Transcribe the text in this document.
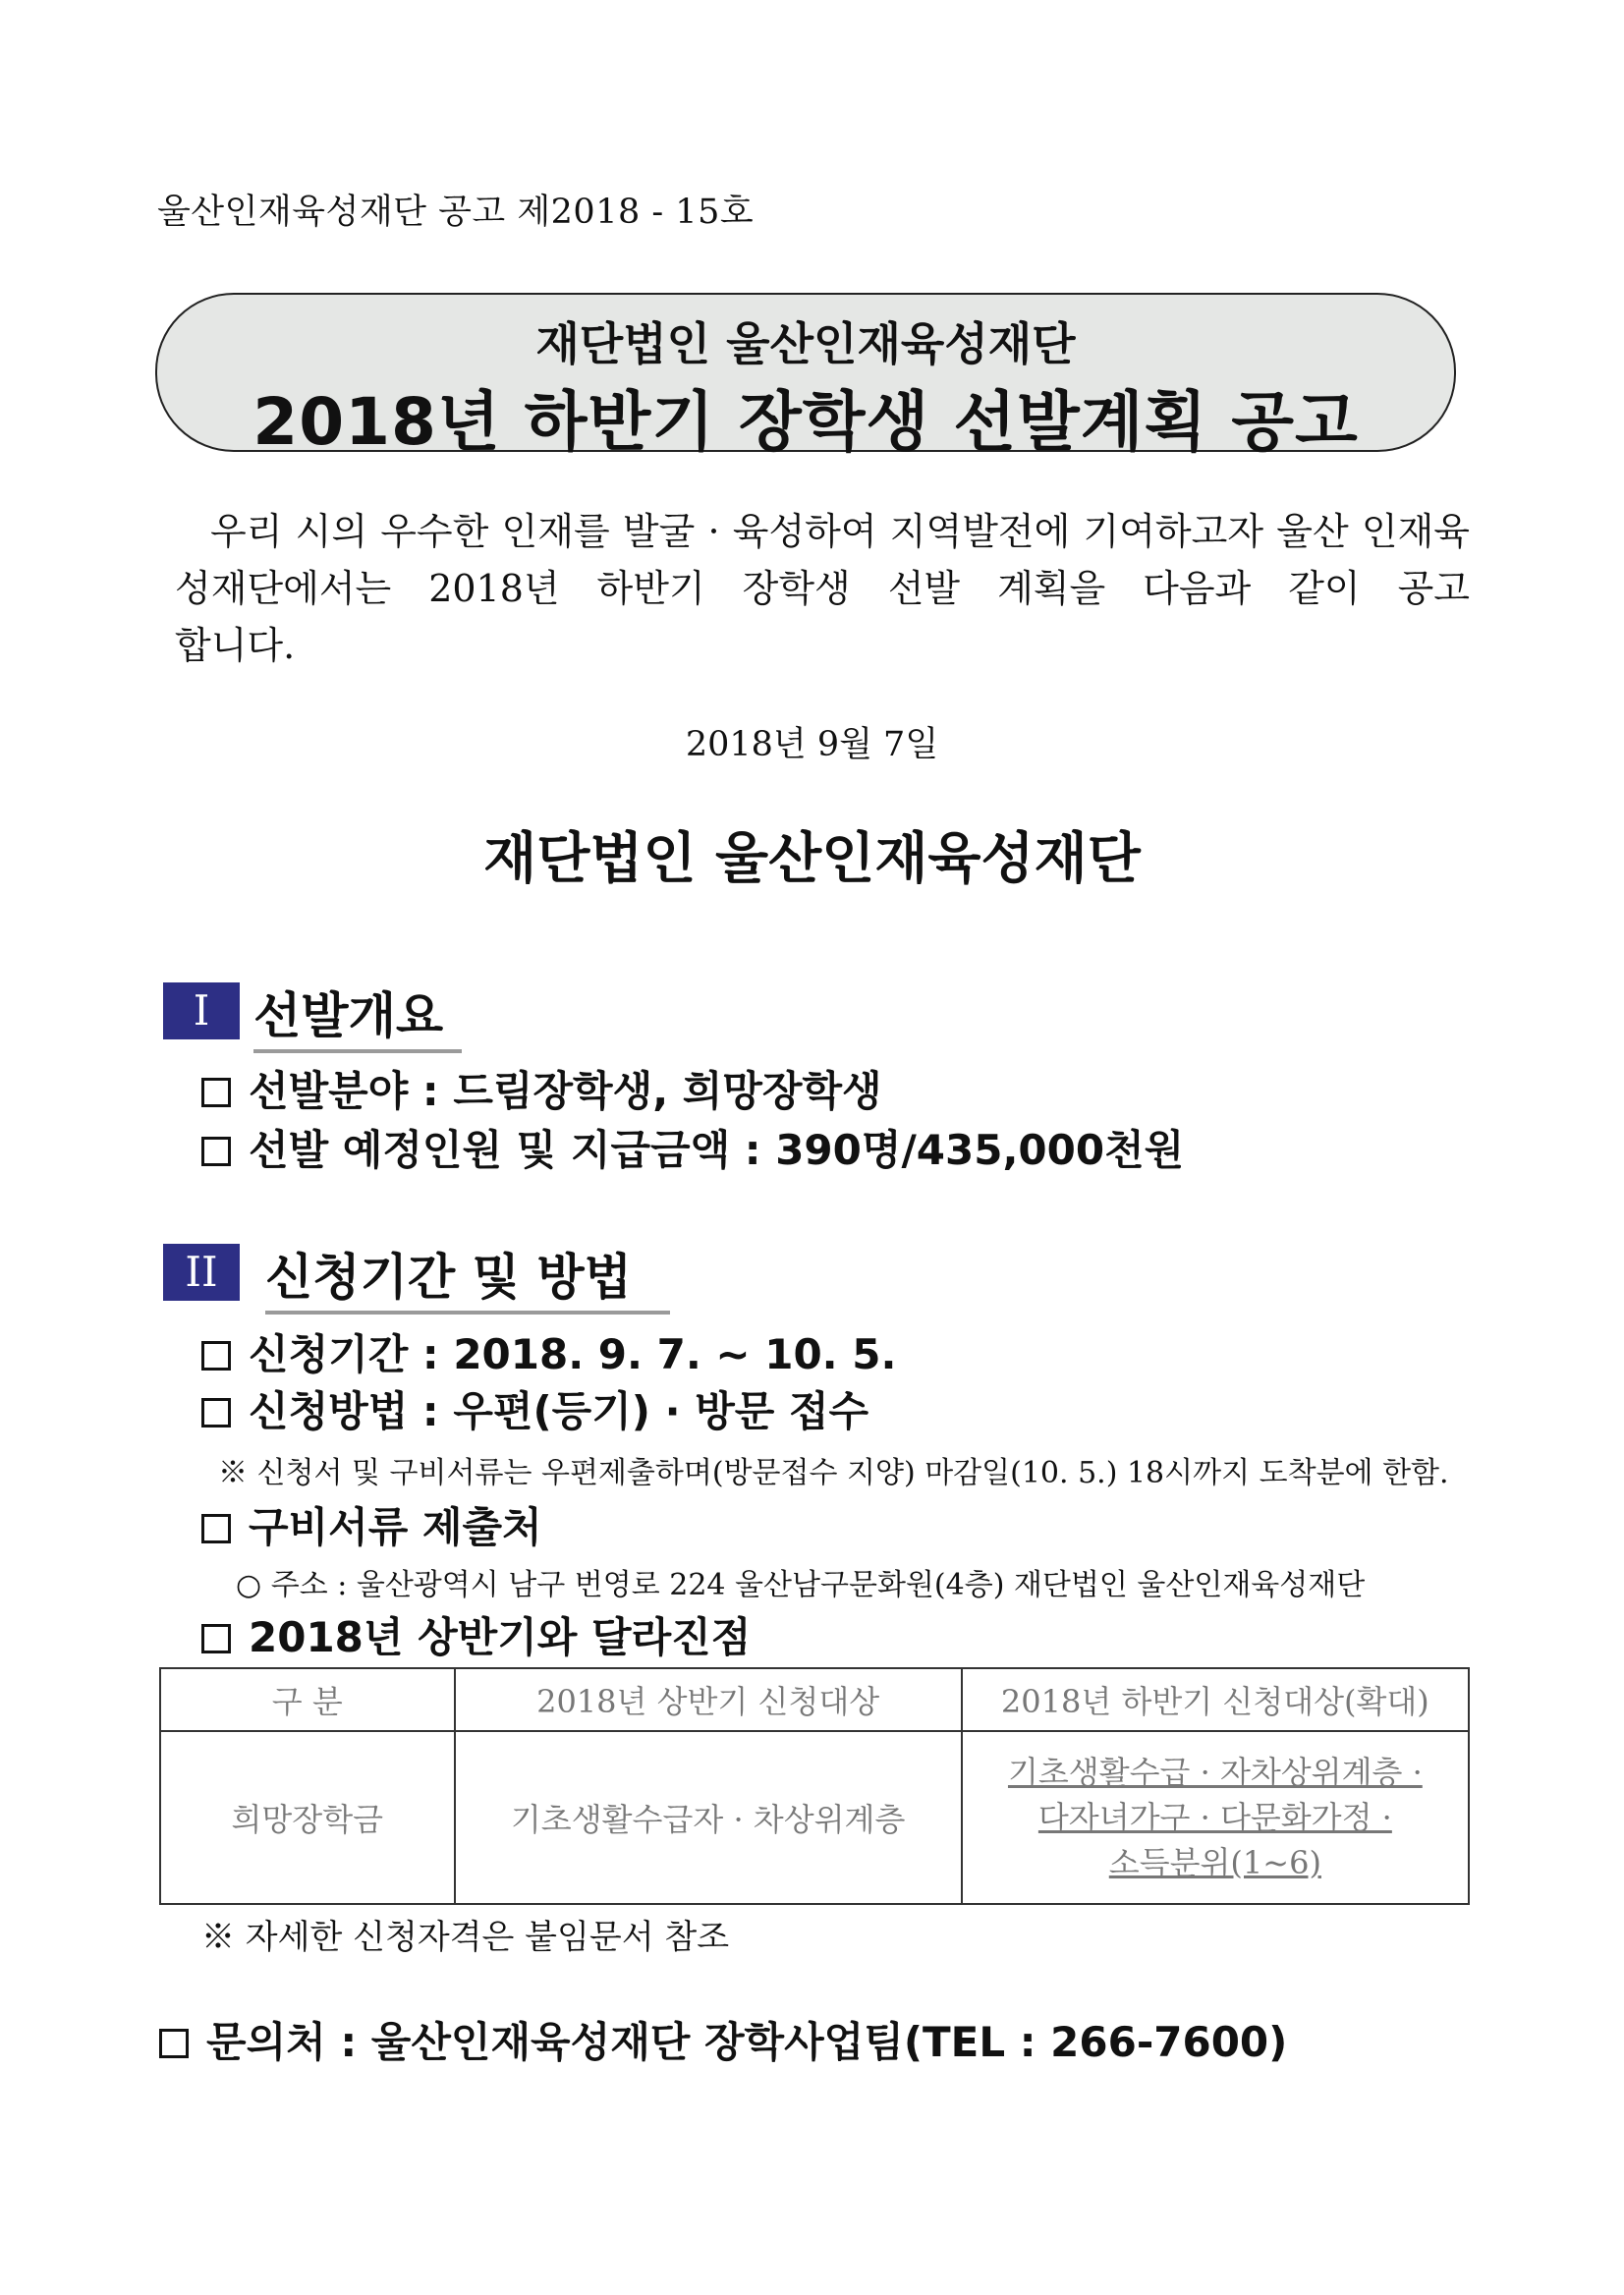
울산인재육성재단 공고 제2018 - 15호
재단법인 울산인재육성재단
2018년 하반기 장학생 선발계획 공고
우리 시의 우수한 인재를 발굴 · 육성하여 지역발전에 기여하고자 울산 인재육성재단에서는 2018년 하반기 장학생 선발 계획을 다음과 같이 공고
합니다.
2018년 9월 7일
재단법인 울산인재육성재단
I 선발개요
선발분야 : 드림장학생, 희망장학생
선발 예정인원 및 지급금액 : 390명/435,000천원
II 신청기간 및 방법
신청기간 : 2018. 9. 7. ~ 10. 5.
신청방법 : 우편(등기) · 방문 접수
※ 신청서 및 구비서류는 우편제출하며(방문접수 지양) 마감일(10. 5.) 18시까지 도착분에 한함.
구비서류 제출처
○ 주소 : 울산광역시 남구 번영로 224 울산남구문화원(4층) 재단법인 울산인재육성재단
2018년 상반기와 달라진점
구 분	2018년 상반기 신청대상	2018년 하반기 신청대상(확대)
희망장학금	기초생활수급자 · 차상위계층	기초생활수급 · 자차상위계층 ·
다자녀가구 · 다문화가정 ·
소득분위(1~6)
※ 자세한 신청자격은 붙임문서 참조
문의처 : 울산인재육성재단 장학사업팀(TEL : 266-7600)
